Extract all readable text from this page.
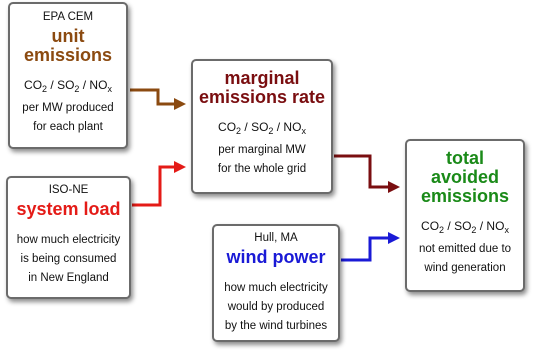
EPA CEM
unit
emissions
$CO_2 / SO_2 / NO_x$
per MW produced
for each plant
ISO-NE
system load
how much electricity
is being consumed
in New England
marginal
emissions rate
$CO_2 / SO_2 / NO_x$
per marginal MW
for the whole grid
Hull, MA
wind power
how much electricity
would by produced
by the wind turbines
total
avoided
emissions
$CO_2 / SO_2 / NO_x$
not emitted due to
wind generation
